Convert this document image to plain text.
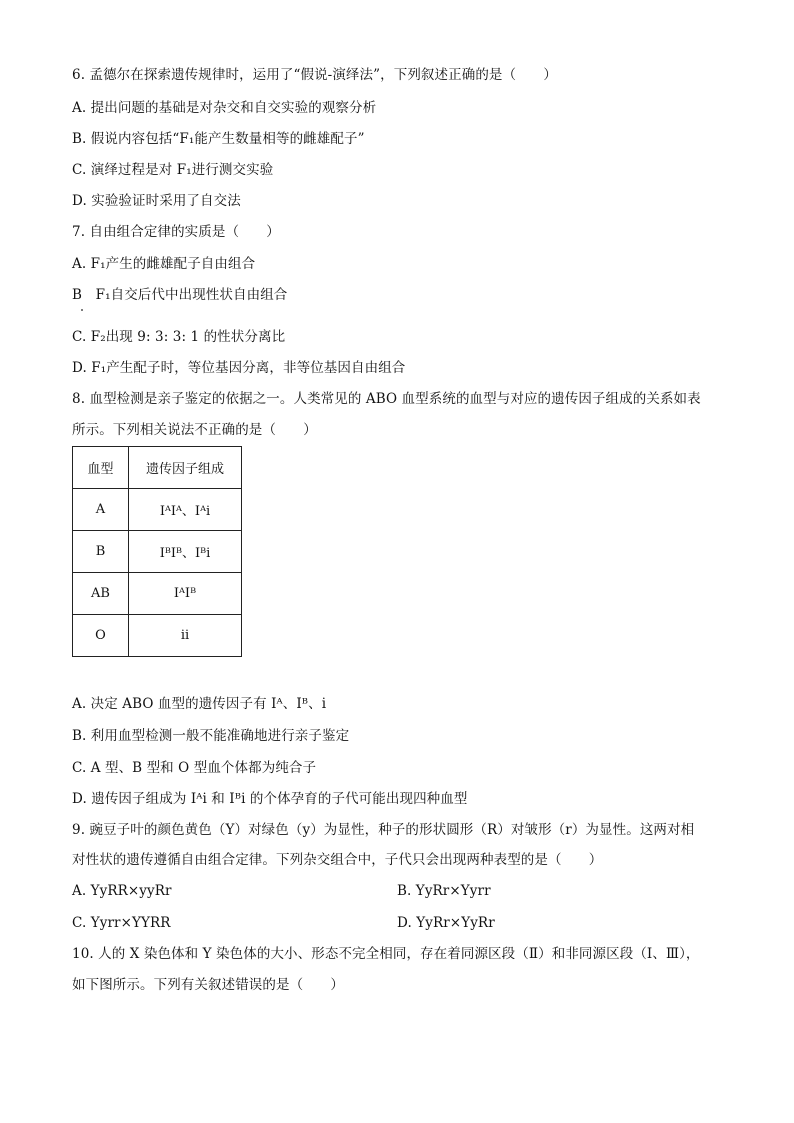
6. 孟德尔在探索遗传规律时，运用了“假说-演绎法”，下列叙述正确的是（　　）
A. 提出问题的基础是对杂交和自交实验的观察分析
B. 假说内容包括“F₁能产生数量相等的雌雄配子”
C. 演绎过程是对 F₁进行测交实验
D. 实验验证时采用了自交法
7. 自由组合定律的实质是（　　）
A. F₁产生的雌雄配子自由组合
B　F₁自交后代中出现性状自由组合
C. F₂出现 9: 3: 3: 1 的性状分离比
D. F₁产生配子时，等位基因分离，非等位基因自由组合
8. 血型检测是亲子鉴定的依据之一。人类常见的 ABO 血型系统的血型与对应的遗传因子组成的关系如表
所示。下列相关说法不正确的是（　　）
血型	遗传因子组成
A	IᴬIᴬ、Iᴬi
B	IᴮIᴮ、Iᴮi
AB	IᴬIᴮ
O	ii
A. 决定 ABO 血型的遗传因子有 Iᴬ、Iᴮ、i
B. 利用血型检测一般不能准确地进行亲子鉴定
C. A 型、B 型和 O 型血个体都为纯合子
D. 遗传因子组成为 Iᴬi 和 Iᴮi 的个体孕育的子代可能出现四种血型
9. 豌豆子叶的颜色黄色（Y）对绿色（y）为显性，种子的形状圆形（R）对皱形（r）为显性。这两对相
对性状的遗传遵循自由组合定律。下列杂交组合中，子代只会出现两种表型的是（　　）
A. YyRR×yyRr	B. YyRr×Yyrr
C. Yyrr×YYRR	D. YyRr×YyRr
10. 人的 X 染色体和 Y 染色体的大小、形态不完全相同，存在着同源区段（Ⅱ）和非同源区段（Ⅰ、Ⅲ），
如下图所示。下列有关叙述错误的是（　　）
